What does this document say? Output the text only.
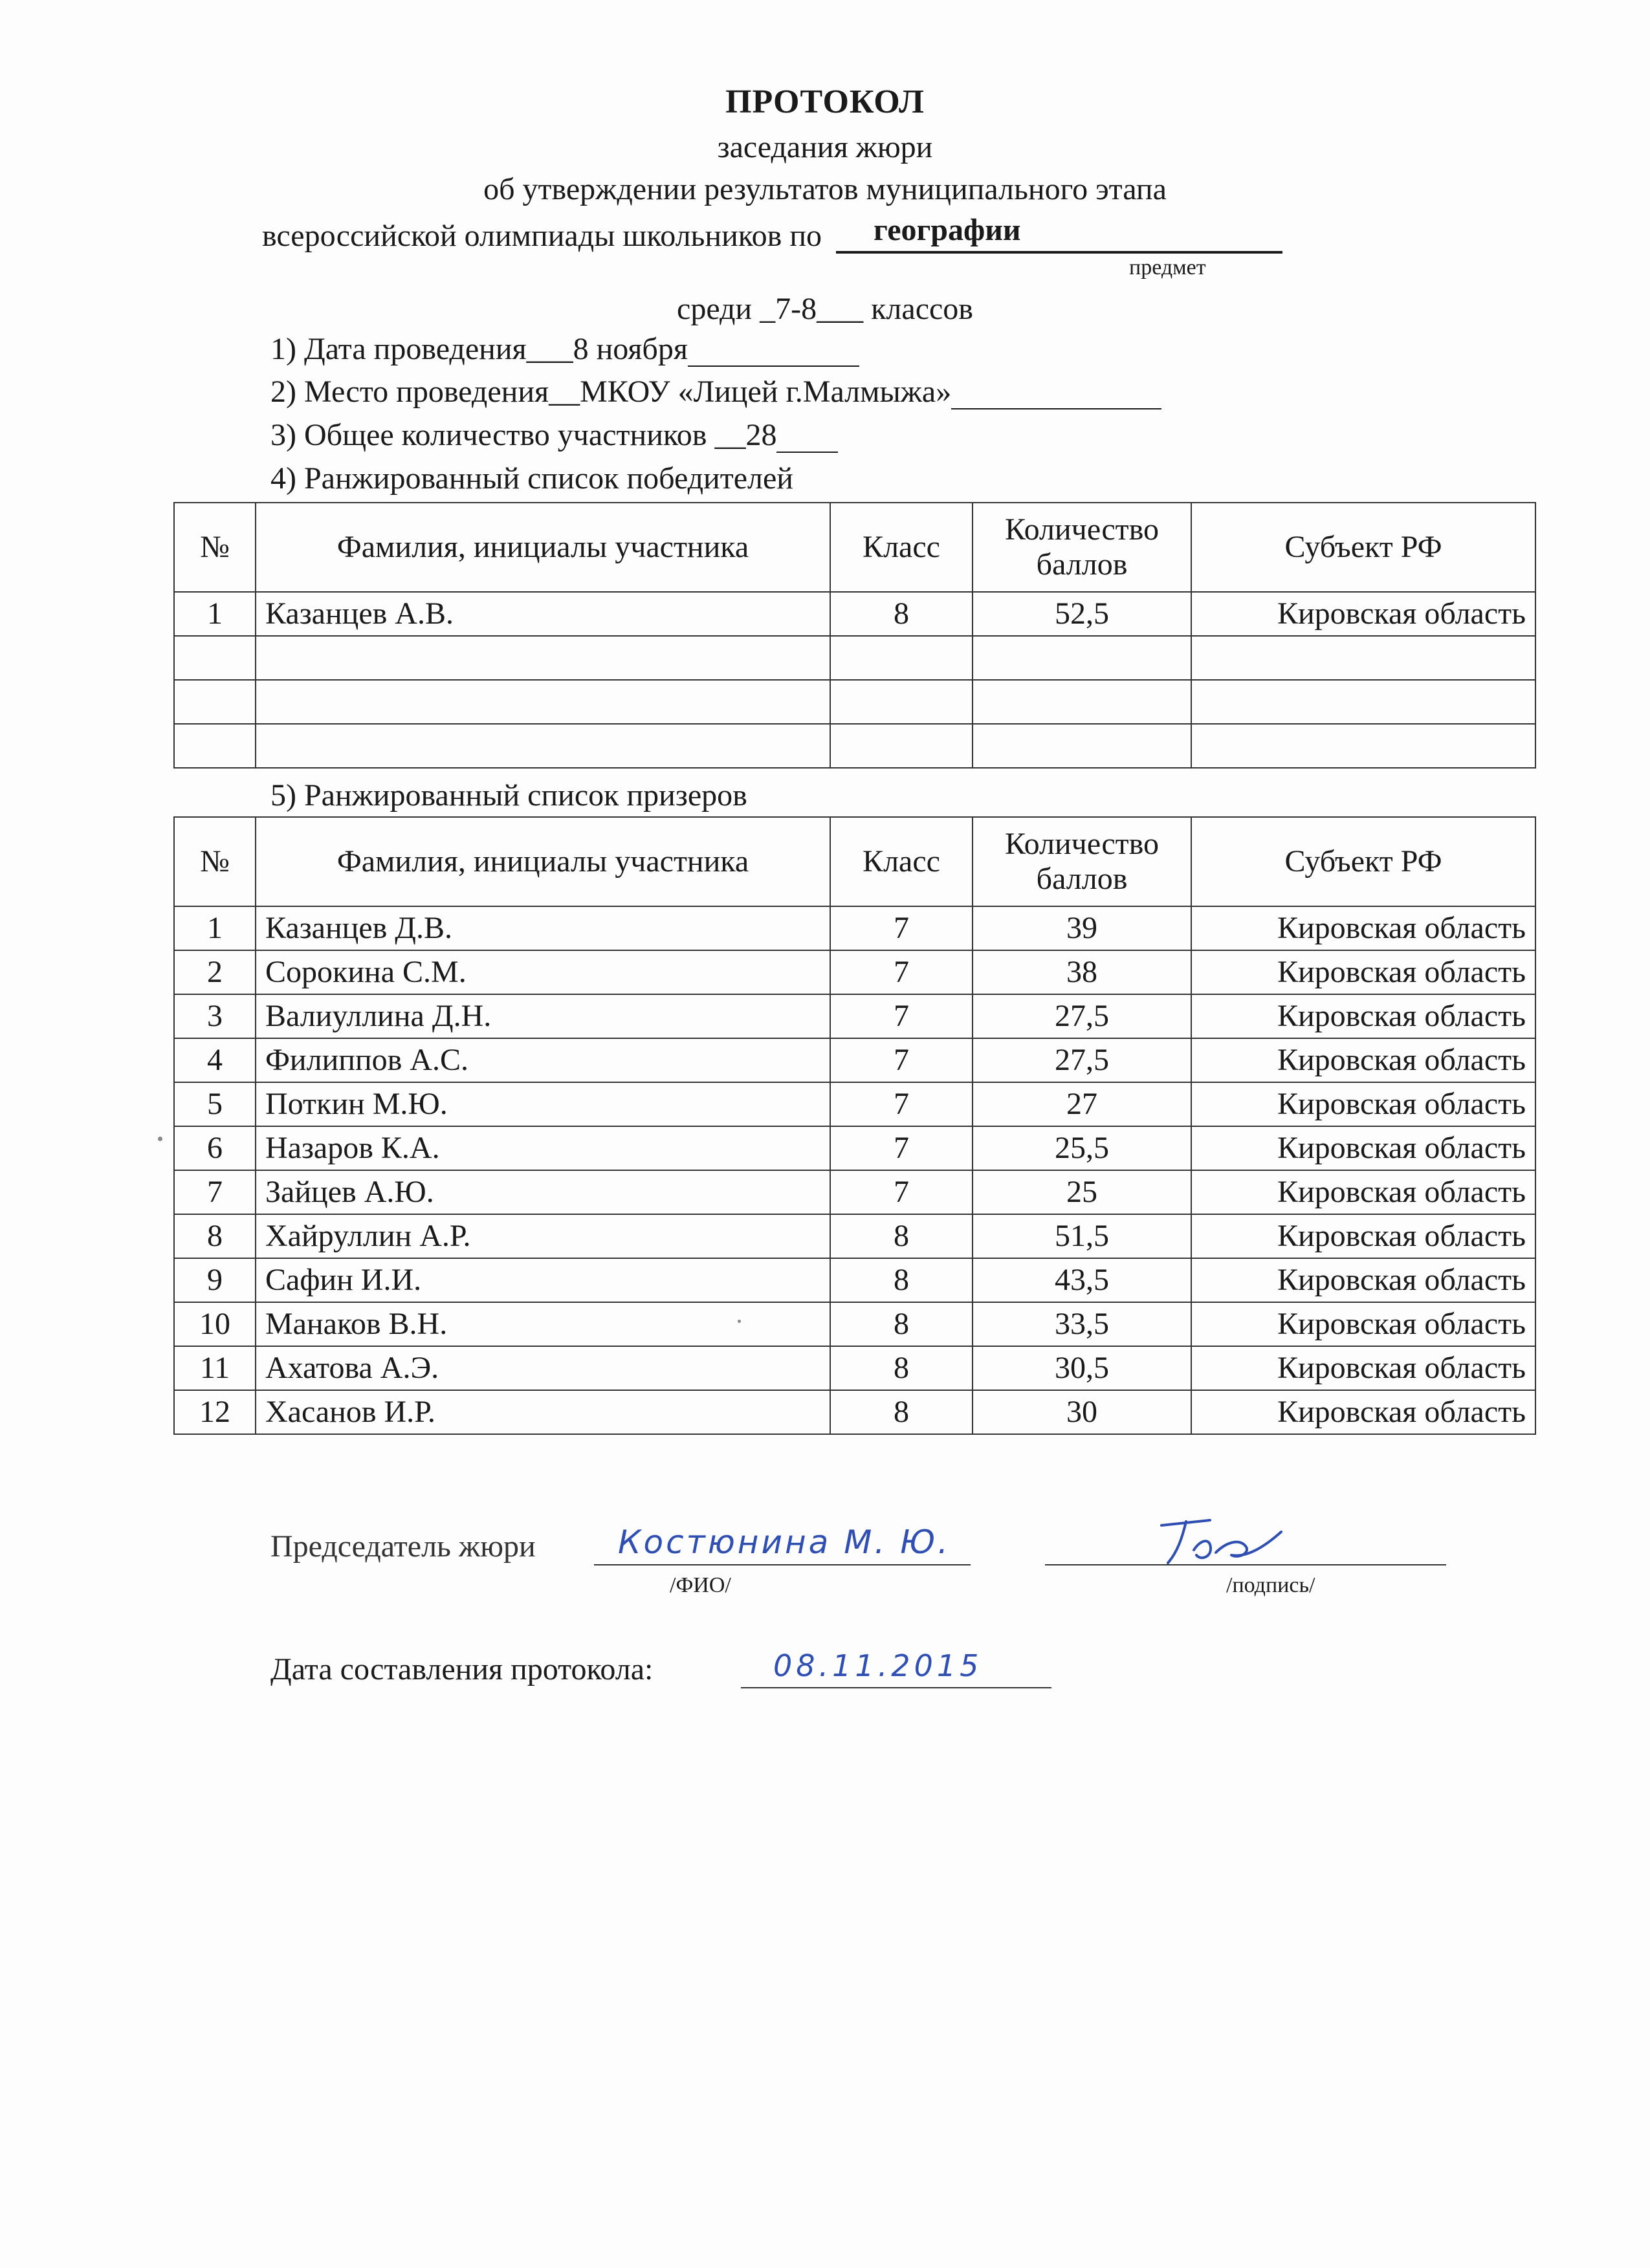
ПРОТОКОЛ
заседания жюри
об утверждении результатов муниципального этапа
всероссийской олимпиады школьников по географии
предмет
среди _7-8___ классов
1) Дата проведения___8 ноября
2) Место проведения__МКОУ «Лицей г.Малмыжа»
3) Общее количество участников __28
4) Ранжированный список победителей
№	Фамилия, инициалы участника	Класс	Количество
баллов	Субъект РФ
1	Казанцев А.В.	8	52,5	Кировская область

5) Ранжированный список призеров
№	Фамилия, инициалы участника	Класс	Количество
баллов	Субъект РФ
1	Казанцев Д.В.	7	39	Кировская область
2	Сорокина С.М.	7	38	Кировская область
3	Валиуллина Д.Н.	7	27,5	Кировская область
4	Филиппов А.С.	7	27,5	Кировская область
5	Поткин М.Ю.	7	27	Кировская область
6	Назаров К.А.	7	25,5	Кировская область
7	Зайцев А.Ю.	7	25	Кировская область
8	Хайруллин А.Р.	8	51,5	Кировская область
9	Сафин И.И.	8	43,5	Кировская область
10	Манаков В.Н.	8	33,5	Кировская область
11	Ахатова А.Э.	8	30,5	Кировская область
12	Хасанов И.Р.	8	30	Кировская область
Председатель жюри	Костюнина М. Ю.
/ФИО/	/подпись/
Дата составления протокола:	08.11.2015
